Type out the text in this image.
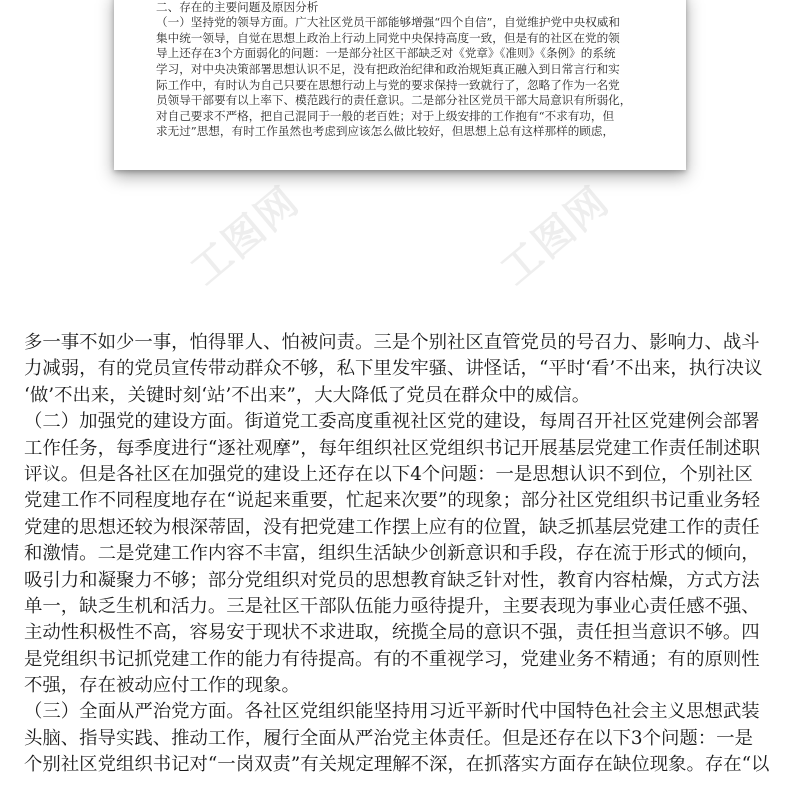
二、存在的主要问题及原因分析
（一）坚持党的领导方面。广大社区党员干部能够增强“四个自信”，自觉维护党中央权威和
集中统一领导，自觉在思想上政治上行动上同党中央保持高度一致，但是有的社区在党的领
导上还存在3个方面弱化的问题：一是部分社区干部缺乏对《党章》《准则》《条例》的系统
学习，对中央决策部署思想认识不足，没有把政治纪律和政治规矩真正融入到日常言行和实
际工作中，有时认为自己只要在思想行动上与党的要求保持一致就行了，忽略了作为一名党
员领导干部要有以上率下、模范践行的责任意识。二是部分社区党员干部大局意识有所弱化，
对自己要求不严格，把自己混同于一般的老百姓；对于上级安排的工作抱有“不求有功，但
求无过”思想，有时工作虽然也考虑到应该怎么做比较好，但思想上总有这样那样的顾虑，
工图网	工图网
多一事不如少一事，怕得罪人、怕被问责。三是个别社区直管党员的号召力、影响力、战斗
力减弱，有的党员宣传带动群众不够，私下里发牢骚、讲怪话，“平时‘看’不出来，执行决议
‘做’不出来，关键时刻‘站’不出来”，大大降低了党员在群众中的威信。
（二）加强党的建设方面。街道党工委高度重视社区党的建设，每周召开社区党建例会部署
工作任务，每季度进行“逐社观摩”，每年组织社区党组织书记开展基层党建工作责任制述职
评议。但是各社区在加强党的建设上还存在以下4个问题：一是思想认识不到位，个别社区
党建工作不同程度地存在“说起来重要，忙起来次要”的现象；部分社区党组织书记重业务轻
党建的思想还较为根深蒂固，没有把党建工作摆上应有的位置，缺乏抓基层党建工作的责任
和激情。二是党建工作内容不丰富，组织生活缺少创新意识和手段，存在流于形式的倾向，
吸引力和凝聚力不够；部分党组织对党员的思想教育缺乏针对性，教育内容枯燥，方式方法
单一，缺乏生机和活力。三是社区干部队伍能力亟待提升，主要表现为事业心责任感不强、
主动性积极性不高，容易安于现状不求进取，统揽全局的意识不强，责任担当意识不够。四
是党组织书记抓党建工作的能力有待提高。有的不重视学习，党建业务不精通；有的原则性
不强，存在被动应付工作的现象。
（三）全面从严治党方面。各社区党组织能坚持用习近平新时代中国特色社会主义思想武装
头脑、指导实践、推动工作，履行全面从严治党主体责任。但是还存在以下3个问题：一是
个别社区党组织书记对“一岗双责”有关规定理解不深，在抓落实方面存在缺位现象。存在“以
